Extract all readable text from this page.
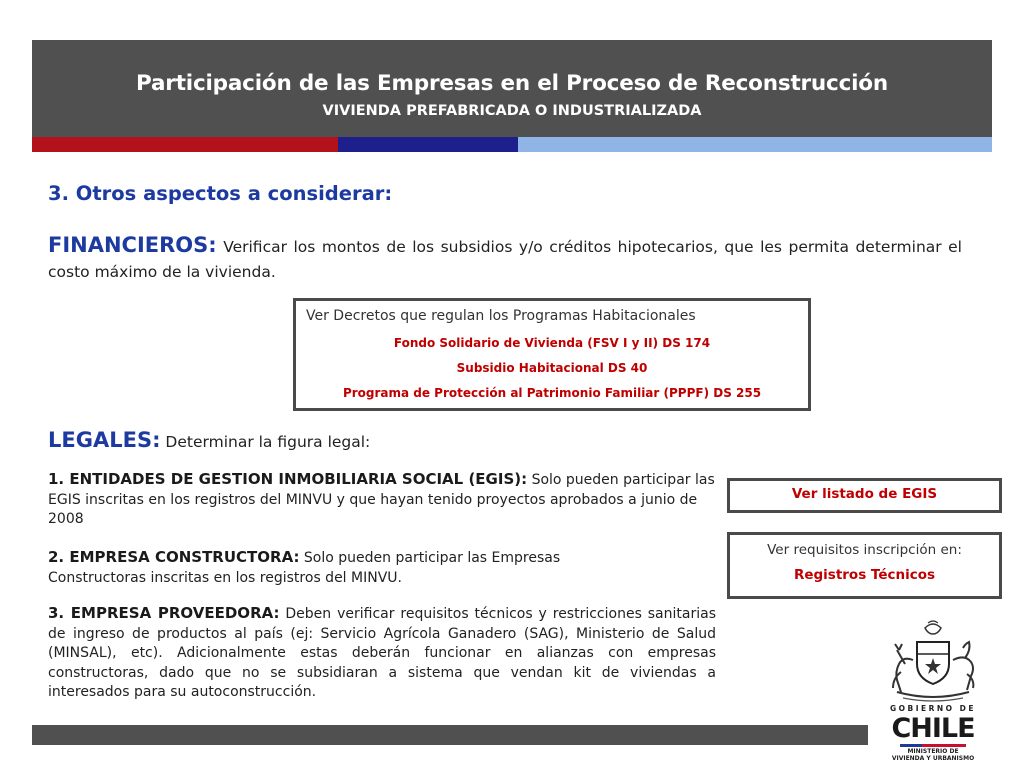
Participación de las Empresas en el Proceso de Reconstrucción
VIVIENDA PREFABRICADA O INDUSTRIALIZADA
3. Otros aspectos a considerar:
FINANCIEROS: Verificar los montos de los subsidios y/o créditos hipotecarios, que les permita determinar el costo máximo de la vivienda.
Ver Decretos que regulan los Programas Habitacionales
Fondo Solidario de Vivienda (FSV I y II) DS 174
Subsidio Habitacional DS 40
Programa de Protección al Patrimonio Familiar (PPPF) DS 255
LEGALES: Determinar la figura legal:
1. ENTIDADES DE GESTION INMOBILIARIA SOCIAL (EGIS): Solo pueden participar las EGIS inscritas en los registros del MINVU y que hayan tenido proyectos aprobados a junio de 2008
2. EMPRESA CONSTRUCTORA: Solo pueden participar las Empresas Constructoras inscritas en los registros del MINVU.
3. EMPRESA PROVEEDORA: Deben verificar requisitos técnicos y restricciones sanitarias de ingreso de productos al país (ej: Servicio Agrícola Ganadero (SAG), Ministerio de Salud (MINSAL), etc). Adicionalmente estas deberán funcionar en alianzas con empresas constructoras, dado que no se subsidiaran a sistema que vendan kit de viviendas a interesados para su autoconstrucción.
Ver listado de EGIS
Ver requisitos inscripción en:
Registros Técnicos
GOBIERNO DE
CHILE
MINISTERIO DE
VIVIENDA Y URBANISMO
